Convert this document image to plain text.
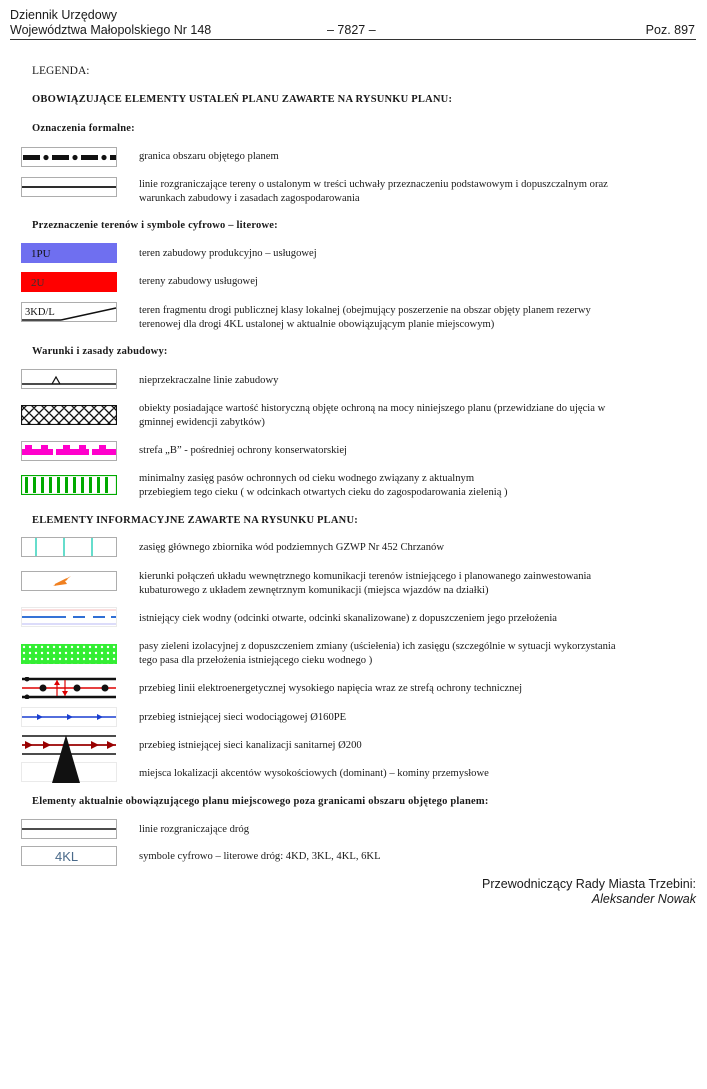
Dziennik Urzędowy
Województwa Małopolskiego Nr 148	– 7827 –	Poz. 897
LEGENDA:
OBOWIĄZUJĄCE ELEMENTY USTALEŃ PLANU ZAWARTE NA RYSUNKU PLANU:
Oznaczenia formalne:
granica obszaru objętego planem
linie rozgraniczające tereny o ustalonym w treści uchwały przeznaczeniu podstawowym i dopuszczalnym oraz
warunkach zabudowy i zasadach zagospodarowania
Przeznaczenie terenów i symbole cyfrowo – literowe:
1PU	teren zabudowy produkcyjno – usługowej
2U	tereny zabudowy usługowej
3KD/L	teren fragmentu drogi publicznej klasy lokalnej (obejmujący poszerzenie na obszar objęty planem rezerwy
terenowej dla drogi 4KL ustalonej w aktualnie obowiązującym planie miejscowym)
Warunki i zasady zabudowy:
nieprzekraczalne linie zabudowy
obiekty posiadające wartość historyczną objęte ochroną na mocy niniejszego planu (przewidziane do ujęcia w
gminnej ewidencji zabytków)
strefa „B” - pośredniej ochrony konserwatorskiej
minimalny zasięg pasów ochronnych od cieku wodnego związany z aktualnym
przebiegiem tego cieku ( w odcinkach otwartych cieku do zagospodarowania zielenią )
ELEMENTY INFORMACYJNE ZAWARTE NA RYSUNKU PLANU:
zasięg głównego zbiornika wód podziemnych GZWP Nr 452 Chrzanów
kierunki połączeń układu wewnętrznego komunikacji terenów istniejącego i planowanego zainwestowania
kubaturowego z układem zewnętrznym komunikacji (miejsca wjazdów na działki)
istniejący ciek wodny (odcinki otwarte, odcinki skanalizowane) z dopuszczeniem jego przełożenia
pasy zieleni izolacyjnej z dopuszczeniem zmiany (uściełenia) ich zasięgu (szczególnie w sytuacji wykorzystania
tego pasa dla przełożenia istniejącego cieku wodnego )
przebieg linii elektroenergetycznej wysokiego napięcia wraz ze strefą ochrony technicznej
przebieg istniejącej sieci wodociągowej Ø160PE
przebieg istniejącej sieci kanalizacji sanitarnej Ø200
miejsca lokalizacji akcentów wysokościowych (dominant) – kominy przemysłowe
Elementy aktualnie obowiązującego planu miejscowego poza granicami obszaru objętego planem:
linie rozgraniczające dróg
4KL	symbole cyfrowo – literowe dróg: 4KD, 3KL, 4KL, 6KL
Przewodniczący Rady Miasta Trzebini:
Aleksander Nowak
